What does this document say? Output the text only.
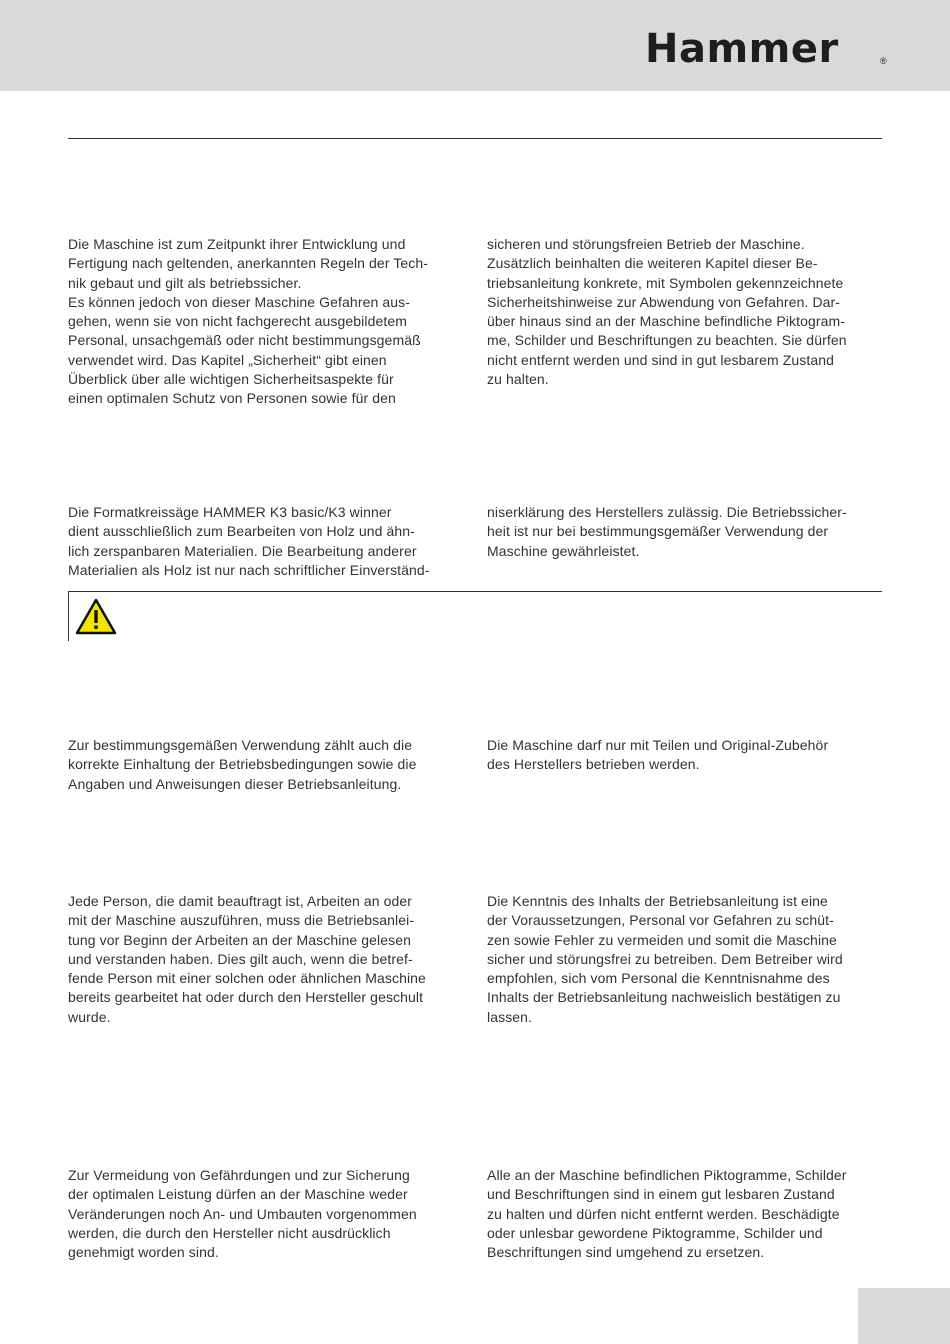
Hammer	®
Die Maschine ist zum Zeitpunkt ihrer Entwicklung und
Fertigung nach geltenden, anerkannten Regeln der Tech-
nik gebaut und gilt als betriebssicher.
Es können jedoch von dieser Maschine Gefahren aus-
gehen, wenn sie von nicht fachgerecht ausgebildetem
Personal, unsachgemäß oder nicht bestimmungsgemäß
verwendet wird. Das Kapitel „Sicherheit“ gibt einen
Überblick über alle wichtigen Sicherheitsaspekte für
einen optimalen Schutz von Personen sowie für den
sicheren und störungsfreien Betrieb der Maschine.
Zusätzlich beinhalten die weiteren Kapitel dieser Be-
triebsanleitung konkrete, mit Symbolen gekennzeichnete
Sicherheitshinweise zur Abwendung von Gefahren. Dar-
über hinaus sind an der Maschine befindliche Piktogram-
me, Schilder und Beschriftungen zu beachten. Sie dürfen
nicht entfernt werden und sind in gut lesbarem Zustand
zu halten.
Die Formatkreissäge HAMMER K3 basic/K3 winner
dient ausschließlich zum Bearbeiten von Holz und ähn-
lich zerspanbaren Materialien. Die Bearbeitung anderer
Materialien als Holz ist nur nach schriftlicher Einverständ-
niserklärung des Herstellers zulässig. Die Betriebssicher-
heit ist nur bei bestimmungsgemäßer Verwendung der
Maschine gewährleistet.
Zur bestimmungsgemäßen Verwendung zählt auch die
korrekte Einhaltung der Betriebsbedingungen sowie die
Angaben und Anweisungen dieser Betriebsanleitung.
Die Maschine darf nur mit Teilen und Original-Zubehör
des Herstellers betrieben werden.
Jede Person, die damit beauftragt ist, Arbeiten an oder
mit der Maschine auszuführen, muss die Betriebsanlei-
tung vor Beginn der Arbeiten an der Maschine gelesen
und verstanden haben. Dies gilt auch, wenn die betref-
fende Person mit einer solchen oder ähnlichen Maschine
bereits gearbeitet hat oder durch den Hersteller geschult
wurde.
Die Kenntnis des Inhalts der Betriebsanleitung ist eine
der Voraussetzungen, Personal vor Gefahren zu schüt-
zen sowie Fehler zu vermeiden und somit die Maschine
sicher und störungsfrei zu betreiben. Dem Betreiber wird
empfohlen, sich vom Personal die Kenntnisnahme des
Inhalts der Betriebsanleitung nachweislich bestätigen zu
lassen.
Zur Vermeidung von Gefährdungen und zur Sicherung
der optimalen Leistung dürfen an der Maschine weder
Veränderungen noch An- und Umbauten vorgenommen
werden, die durch den Hersteller nicht ausdrücklich
genehmigt worden sind.
Alle an der Maschine befindlichen Piktogramme, Schilder
und Beschriftungen sind in einem gut lesbaren Zustand
zu halten und dürfen nicht entfernt werden. Beschädigte
oder unlesbar gewordene Piktogramme, Schilder und
Beschriftungen sind umgehend zu ersetzen.
